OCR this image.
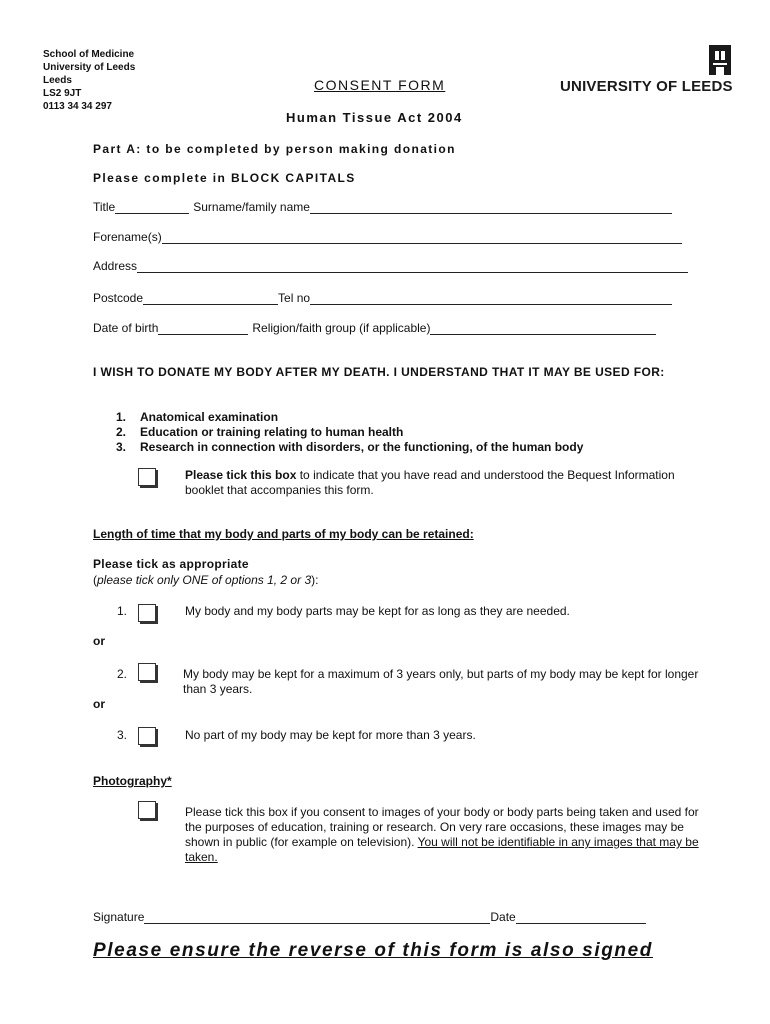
School of Medicine
University of Leeds
Leeds
LS2 9JT
0113 34 34 297
UNIVERSITY OF LEEDS
CONSENT FORM
Human Tissue Act 2004
Part A: to be completed by person making donation
Please complete in BLOCK CAPITALS
Title	Surname/family name
Forename(s)
Address
Postcode	Tel no
Date of birth	Religion/faith group (if applicable)
I WISH TO DONATE MY BODY AFTER MY DEATH. I UNDERSTAND THAT IT MAY BE USED FOR:
1. Anatomical examination
2. Education or training relating to human health
3. Research in connection with disorders, or the functioning, of the human body
Please tick this box to indicate that you have read and understood the Bequest Information booklet that accompanies this form.
Length of time that my body and parts of my body can be retained:
Please tick as appropriate
(please tick only ONE of options 1, 2 or 3):
1.	My body and my body parts may be kept for as long as they are needed.
or
2.	My body may be kept for a maximum of 3 years only, but parts of my body may be kept for longer than 3 years.
or
3.	No part of my body may be kept for more than 3 years.
Photography*
Please tick this box if you consent to images of your body or body parts being taken and used for the purposes of education, training or research. On very rare occasions, these images may be shown in public (for example on television). You will not be identifiable in any images that may be taken.
Signature	Date
Please ensure the reverse of this form is also signed
